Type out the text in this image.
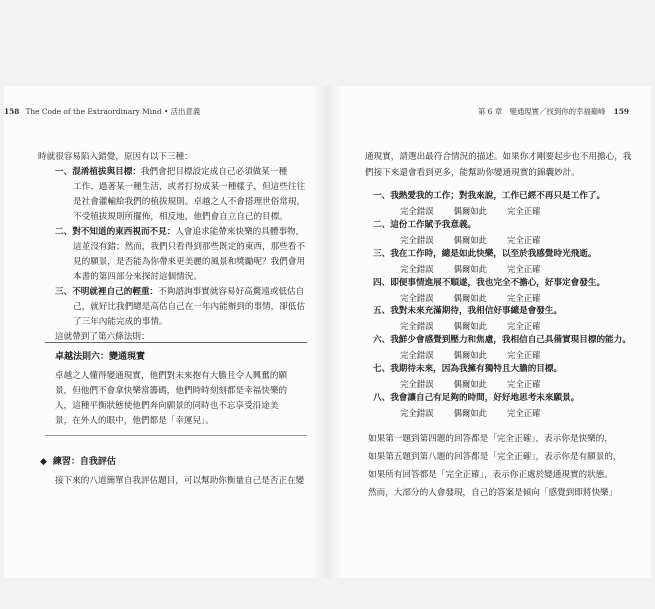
158 The Code of the Extraordinary Mind • 活出意義
時就很容易陷入錯覺，原因有以下三種：
一、混淆植拔與目標：我們會把目標設定成自己必須做某一種
工作、過著某一種生活，或者打扮成某一種樣子，但這些往往
是社會灌輸給我們的植拔規則。卓越之人不會搭理世俗常規，
不受植拔規則所擺佈，相反地，他們會自立自己的目標。
二、對不知道的東西視而不見：人會追求能帶來快樂的具體事物，
這並沒有錯；然而，我們只看得到那些既定的東西，那些看不
見的願景，是否能為你帶來更美麗的風景和獎勵呢？我們會用
本書的第四部分來探討這個情況。
三、不明就裡自己的輕重：不夠諮詢事實就容易好高騖遠或低估自
己，就好比我們總是高估自己在一年內能辦到的事情，卻低估
了三年內能完成的事情。
這就帶到了第六條法則：
卓越法則六：變通現實
卓越之人懂得變通現實，他們對未來抱有大膽且令人興奮的願
景，但他們不會拿快樂當籌碼，他們時時刻刻都是幸福快樂的
人，這種平衡狀態使他們奔向願景的同時也不忘享受沿途美
景，在外人的眼中，他們都是「幸運兒」。
◆ 練習：自我評估
接下來的八道簡單自我評估題目，可以幫助你衡量自己是否正在變
第 6 章　變通現實／找到你的幸福巔峰 159
通現實，請選出最符合情況的描述。如果你才剛要起步也不用擔心，我
們接下來還會看到更多，能幫助你變通現實的錦囊妙計。
一、我熱愛我的工作；對我來說，工作已經不再只是工作了。
完全錯誤 偶爾如此 完全正確
二、這份工作賦予我意義。
完全錯誤 偶爾如此 完全正確
三、我在工作時，總是如此快樂，以至於我感覺時光飛逝。
完全錯誤 偶爾如此 完全正確
四、即便事情進展不順遂，我也完全不擔心，好事定會發生。
完全錯誤 偶爾如此 完全正確
五、我對未來充滿期待，我相信好事總是會發生。
完全錯誤 偶爾如此 完全正確
六、我鮮少會感覺到壓力和焦慮，我相信自己具備實現目標的能力。
完全錯誤 偶爾如此 完全正確
七、我期待未來，因為我擁有獨特且大膽的目標。
完全錯誤 偶爾如此 完全正確
八、我會讓自己有足夠的時間，好好地思考未來願景。
完全錯誤 偶爾如此 完全正確
如果第一題到第四題的回答都是「完全正確」，表示你是快樂的，
如果第五題到第八題的回答都是「完全正確」，表示你是有願景的，
如果所有回答都是「完全正確」，表示你正處於變通現實的狀態。
然而，大部分的人會發現，自己的答案是傾向「感覺到即將快樂」
